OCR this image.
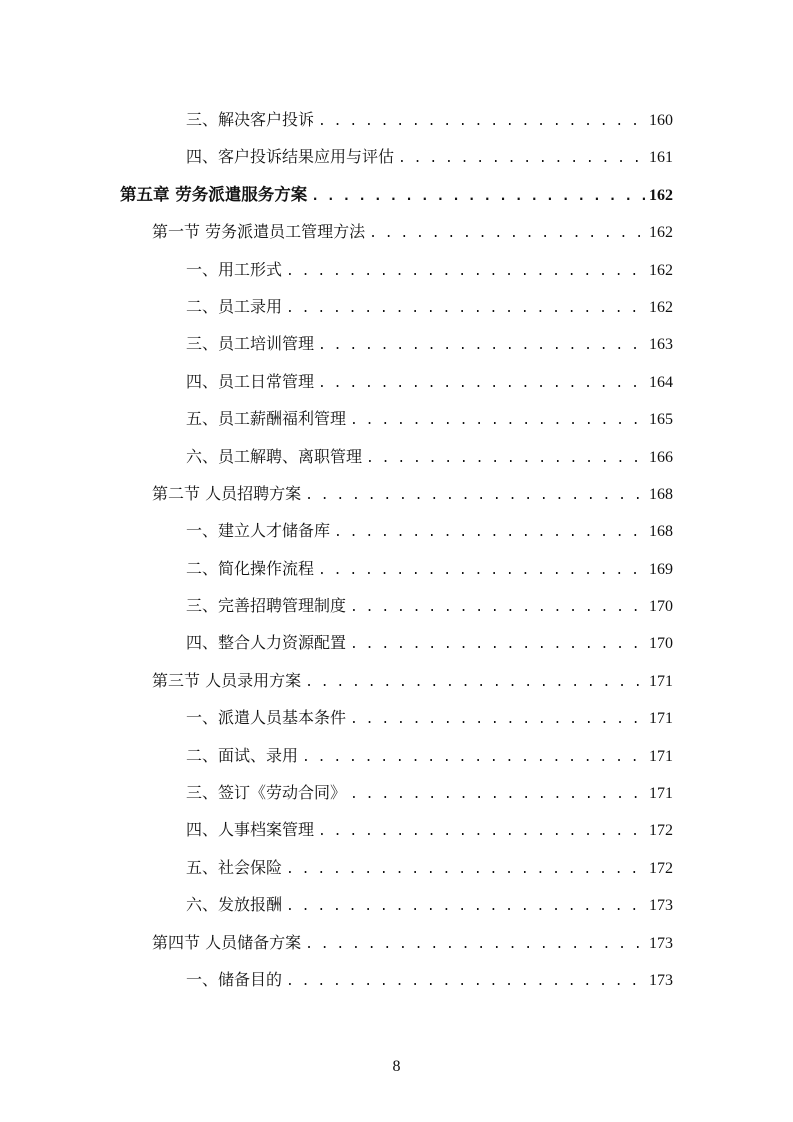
三、解决客户投诉 . . .	160
四、客户投诉结果应用与评估 . . .	161
第五章 劳务派遣服务方案 . . .	162
第一节 劳务派遣员工管理方法 . . .	162
一、用工形式 . . .	162
二、员工录用 . . .	162
三、员工培训管理 . . .	163
四、员工日常管理 . . .	164
五、员工薪酬福利管理 . . .	165
六、员工解聘、离职管理 . . .	166
第二节 人员招聘方案 . . .	168
一、建立人才储备库 . . .	168
二、简化操作流程 . . .	169
三、完善招聘管理制度 . . .	170
四、整合人力资源配置 . . .	170
第三节 人员录用方案 . . .	171
一、派遣人员基本条件 . . .	171
二、面试、录用 . . .	171
三、签订《劳动合同》 . . .	171
四、人事档案管理 . . .	172
五、社会保险 . . .	172
六、发放报酬 . . .	173
第四节 人员储备方案 . . .	173
一、储备目的 . . .	173
8
